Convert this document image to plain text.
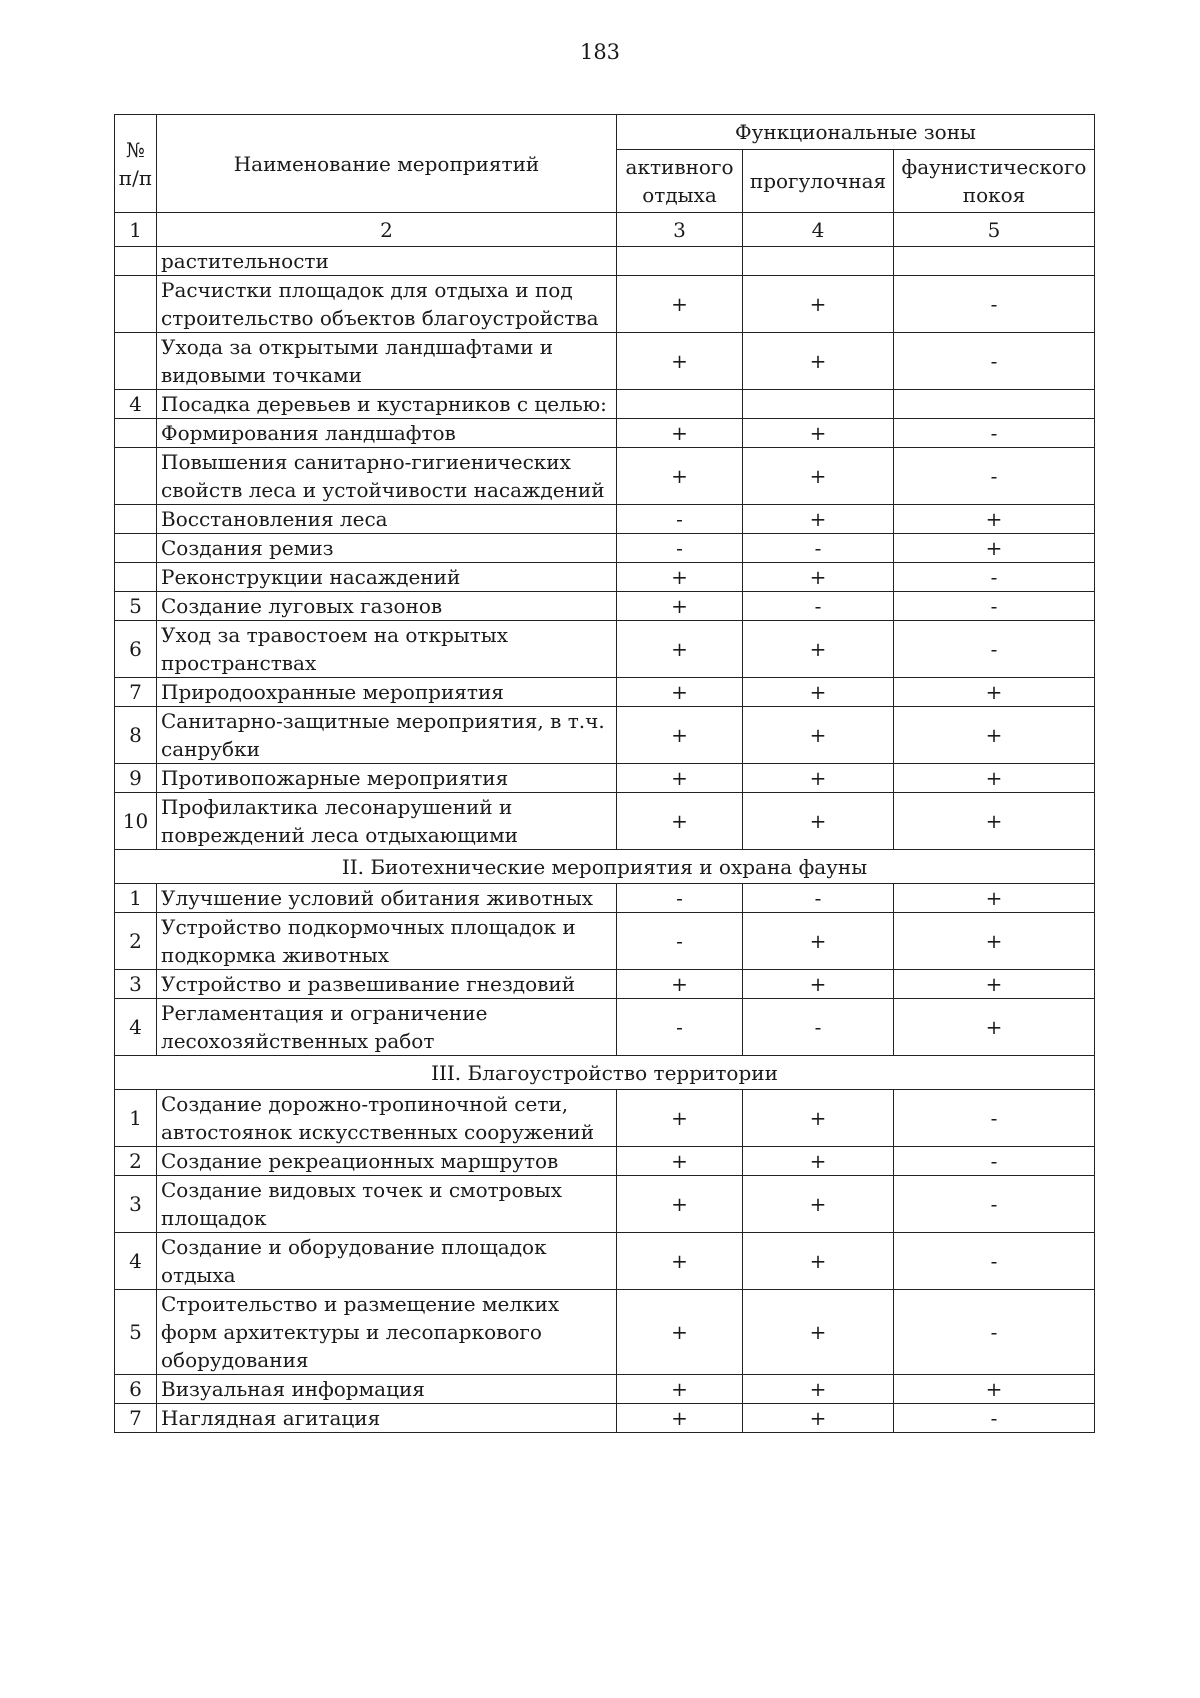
183
№ п/п	Наименование мероприятий	Функциональные зоны		
		активного отдыха	прогулочная	фаунистического покоя
1	2	3	4	5
	растительности			
	Расчистки площадок для отдыха и под строительство объектов благоустройства	+	+	-
	Ухода за открытыми ландшафтами и видовыми точками	+	+	-
4	Посадка деревьев и кустарников с целью:			
	Формирования ландшафтов	+	+	-
	Повышения санитарно-гигиенических свойств леса и устойчивости насаждений	+	+	-
	Восстановления леса	-	+	+
	Создания ремиз	-	-	+
	Реконструкции насаждений	+	+	-
5	Создание луговых газонов	+	-	-
6	Уход за травостоем на открытых пространствах	+	+	-
7	Природоохранные мероприятия	+	+	+
8	Санитарно-защитные мероприятия, в т.ч. санрубки	+	+	+
9	Противопожарные мероприятия	+	+	+
10	Профилактика лесонарушений и повреждений леса отдыхающими	+	+	+
II. Биотехнические мероприятия и охрана фауны				
1	Улучшение условий обитания животных	-	-	+
2	Устройство подкормочных площадок и подкормка животных	-	+	+
3	Устройство и развешивание гнездовий	+	+	+
4	Регламентация и ограничение лесохозяйственных работ	-	-	+
III. Благоустройство территории				
1	Создание дорожно-тропиночной сети, автостоянок искусственных сооружений	+	+	-
2	Создание рекреационных маршрутов	+	+	-
3	Создание видовых точек и смотровых площадок	+	+	-
4	Создание и оборудование площадок отдыха	+	+	-
5	Строительство и размещение мелких форм архитектуры и лесопаркового оборудования	+	+	-
6	Визуальная информация	+	+	+
7	Наглядная агитация	+	+	-
